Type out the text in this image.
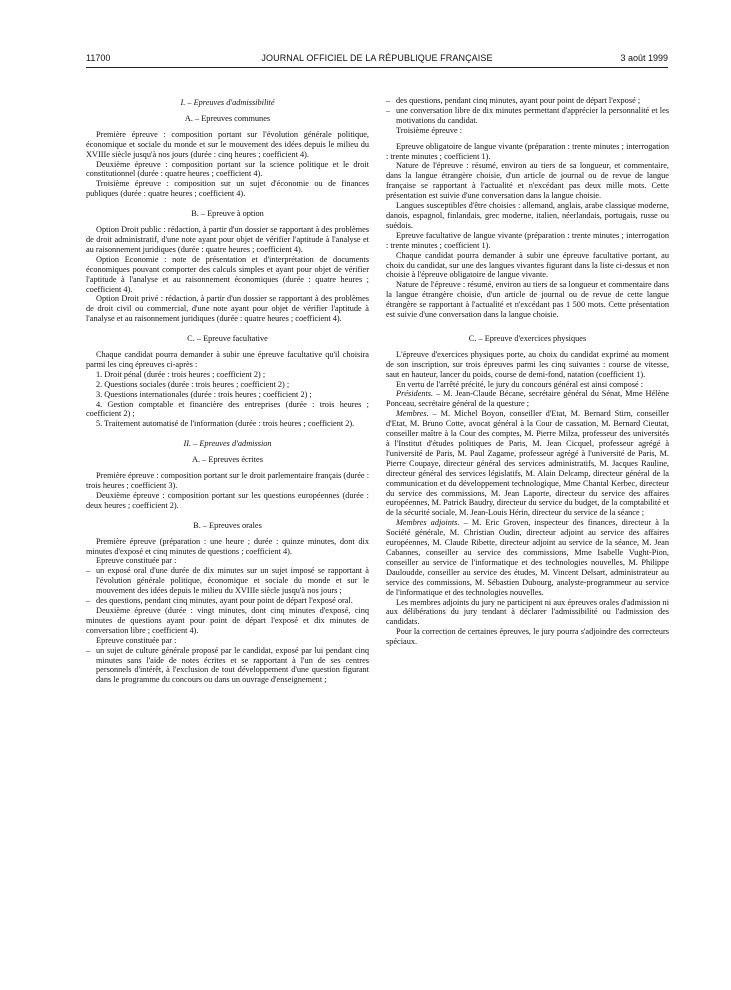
11700	JOURNAL OFFICIEL DE LA RÉPUBLIQUE FRANÇAISE	3 août 1999

I. – Epreuves d'admissibilité

A. – Epreuves communes

Première épreuve : composition portant sur l'évolution générale politique, économique et sociale du monde et sur le mouvement des idées depuis le milieu du XVIIIe siècle jusqu'à nos jours (durée : cinq heures ; coefficient 4).

Deuxième épreuve : composition portant sur la science politique et le droit constitutionnel (durée : quatre heures ; coefficient 4).

Troisième épreuve : composition sur un sujet d'économie ou de finances publiques (durée : quatre heures ; coefficient 4).

B. – Epreuve à option

Option Droit public : rédaction, à partir d'un dossier se rapportant à des problèmes de droit administratif, d'une note ayant pour objet de vérifier l'aptitude à l'analyse et au raisonnement juridiques (durée : quatre heures ; coefficient 4).

Option Economie : note de présentation et d'interprétation de documents économiques pouvant comporter des calculs simples et ayant pour objet de vérifier l'aptitude à l'analyse et au raisonnement économiques (durée : quatre heures ; coefficient 4).

Option Droit privé : rédaction, à partir d'un dossier se rapportant à des problèmes de droit civil ou commercial, d'une note ayant pour objet de vérifier l'aptitude à l'analyse et au raisonnement juridiques (durée : quatre heures ; coefficient 4).

C. – Epreuve facultative

Chaque candidat pourra demander à subir une épreuve facultative qu'il choisira parmi les cinq épreuves ci-après :

1. Droit pénal (durée : trois heures ; coefficient 2) ;
2. Questions sociales (durée : trois heures ; coefficient 2) ;
3. Questions internationales (durée : trois heures ; coefficient 2) ;
4. Gestion comptable et financière des entreprises (durée : trois heures ; coefficient 2) ;
5. Traitement automatisé de l'information (durée : trois heures ; coefficient 2).

II. – Epreuves d'admission

A. – Epreuves écrites

Première épreuve : composition portant sur le droit parlementaire français (durée : trois heures ; coefficient 3).

Deuxième épreuve : composition portant sur les questions européennes (durée : deux heures ; coefficient 2).

B. – Epreuves orales

Première épreuve (préparation : une heure ; durée : quinze minutes, dont dix minutes d'exposé et cinq minutes de questions ; coefficient 4).

Epreuve constituée par :

– un exposé oral d'une durée de dix minutes sur un sujet imposé se rapportant à l'évolution générale politique, économique et sociale du monde et sur le mouvement des idées depuis le milieu du XVIIIe siècle jusqu'à nos jours ;
– des questions, pendant cinq minutes, ayant pour point de départ l'exposé oral.

Deuxième épreuve (durée : vingt minutes, dont cinq minutes d'exposé, cinq minutes de questions ayant pour point de départ l'exposé et dix minutes de conversation libre ; coefficient 4).

Epreuve constituée par :

– un sujet de culture générale proposé par le candidat, exposé par lui pendant cinq minutes sans l'aide de notes écrites et se rapportant à l'un de ses centres personnels d'intérêt, à l'exclusion de tout développement d'une question figurant dans le programme du concours ou dans un ouvrage d'enseignement ;
– des questions, pendant cinq minutes, ayant pour point de départ l'exposé ;
– une conversation libre de dix minutes permettant d'apprécier la personnalité et les motivations du candidat.

Troisième épreuve :

Epreuve obligatoire de langue vivante (préparation : trente minutes ; interrogation : trente minutes ; coefficient 1).

Nature de l'épreuve : résumé, environ au tiers de sa longueur, et commentaire, dans la langue étrangère choisie, d'un article de journal ou de revue de langue française se rapportant à l'actualité et n'excédant pas deux mille mots. Cette présentation est suivie d'une conversation dans la langue choisie.

Langues susceptibles d'être choisies : allemand, anglais, arabe classique moderne, danois, espagnol, finlandais, grec moderne, italien, néerlandais, portugais, russe ou suédois.

Epreuve facultative de langue vivante (préparation : trente minutes ; interrogation : trente minutes ; coefficient 1).

Chaque candidat pourra demander à subir une épreuve facultative portant, au choix du candidat, sur une des langues vivantes figurant dans la liste ci-dessus et non choisie à l'épreuve obligatoire de langue vivante.

Nature de l'épreuve : résumé, environ au tiers de sa longueur et commentaire dans la langue étrangère choisie, d'un article de journal ou de revue de cette langue étrangère se rapportant à l'actualité et n'excédant pas 1 500 mots. Cette présentation est suivie d'une conversation dans la langue choisie.

C. – Epreuve d'exercices physiques

L'épreuve d'exercices physiques porte, au choix du candidat exprimé au moment de son inscription, sur trois épreuves parmi les cinq suivantes : course de vitesse, saut en hauteur, lancer du poids, course de demi-fond, natation (coefficient 1).

En vertu de l'arrêté précité, le jury du concours général est ainsi composé :

Présidents. – M. Jean-Claude Bécane, secrétaire général du Sénat, Mme Hélène Ponceau, secrétaire général de la questure ;

Membres. – M. Michel Boyon, conseiller d'Etat, M. Bernard Stirn, conseiller d'Etat, M. Bruno Cotte, avocat général à la Cour de cassation, M. Bernard Cieutat, conseiller maître à la Cour des comptes, M. Pierre Milza, professeur des universités à l'Institut d'études politiques de Paris, M. Jean Cicquel, professeur agrégé à l'université de Paris, M. Paul Zagame, professeur agrégé à l'université de Paris, M. Pierre Coupaye, directeur général des services administratifs, M. Jacques Rauline, directeur général des services législatifs, M. Alain Delcamp, directeur général de la communication et du développement technologique, Mme Chantal Kerbec, directeur du service des commissions, M. Jean Laporte, directeur du service des affaires européennes, M. Patrick Baudry, directeur du service du budget, de la comptabilité et de la sécurité sociale, M. Jean-Louis Hérin, directeur du service de la séance ;

Membres adjoints. – M. Eric Groven, inspecteur des finances, directeur à la Société générale, M. Christian Oudin, directeur adjoint au service des affaires européennes, M. Claude Ribette, directeur adjoint au service de la séance, M. Jean Cabannes, conseiller au service des commissions, Mme Isabelle Vught-Pion, conseiller au service de l'informatique et des technologies nouvelles, M. Philippe Dauloudde, conseiller au service des études, M. Vincent Delsart, administrateur au service des commissions, M. Sébastien Dubourg, analyste-programmeur au service de l'informatique et des technologies nouvelles.

Les membres adjoints du jury ne participent ni aux épreuves orales d'admission ni aux délibérations du jury tendant à déclarer l'admissibilité ou l'admission des candidats.

Pour la correction de certaines épreuves, le jury pourra s'adjoindre des correcteurs spéciaux.
